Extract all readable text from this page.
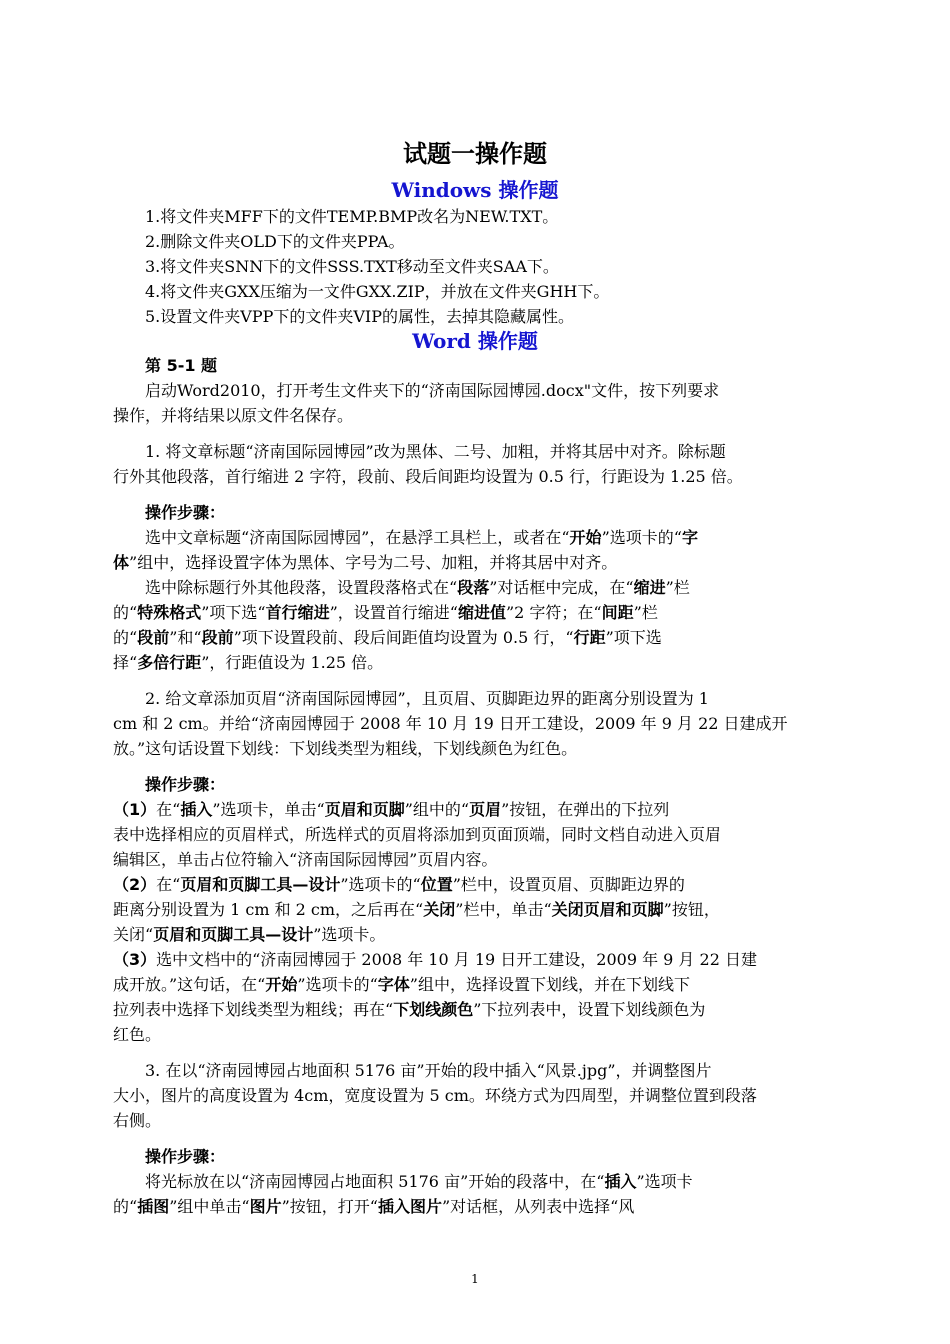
试题一操作题
Windows 操作题
1.将文件夹MFF下的文件TEMP.BMP改名为NEW.TXT。
2.删除文件夹OLD下的文件夹PPA。
3.将文件夹SNN下的文件SSS.TXT移动至文件夹SAA下。
4.将文件夹GXX压缩为一文件GXX.ZIP，并放在文件夹GHH下。
5.设置文件夹VPP下的文件夹VIP的属性，去掉其隐藏属性。
Word 操作题
第 5-1 题
启动Word2010，打开考生文件夹下的“济南国际园博园.docx"文件，按下列要求
操作，并将结果以原文件名保存。
1. 将文章标题“济南国际园博园”改为黑体、二号、加粗，并将其居中对齐。除标题
行外其他段落，首行缩进 2 字符，段前、段后间距均设置为 0.5 行，行距设为 1.25 倍。
操作步骤：
选中文章标题“济南国际园博园”，在悬浮工具栏上，或者在“开始”选项卡的“字
体”组中，选择设置字体为黑体、字号为二号、加粗，并将其居中对齐。
选中除标题行外其他段落，设置段落格式在“段落”对话框中完成，在“缩进”栏
的“特殊格式”项下选“首行缩进”，设置首行缩进“缩进值”2 字符；在“间距”栏
的“段前”和“段前”项下设置段前、段后间距值均设置为 0.5 行，“行距”项下选
择“多倍行距”，行距值设为 1.25 倍。
2. 给文章添加页眉“济南国际园博园”，且页眉、页脚距边界的距离分别设置为 1
cm 和 2 cm。并给“济南园博园于 2008 年 10 月 19 日开工建设，2009 年 9 月 22 日建成开
放。”这句话设置下划线：下划线类型为粗线，下划线颜色为红色。
操作步骤：
（1）在“插入”选项卡，单击“页眉和页脚”组中的“页眉”按钮，在弹出的下拉列
表中选择相应的页眉样式，所选样式的页眉将添加到页面顶端，同时文档自动进入页眉
编辑区，单击占位符输入“济南国际园博园”页眉内容。
（2）在“页眉和页脚工具—设计”选项卡的“位置”栏中，设置页眉、页脚距边界的
距离分别设置为 1 cm 和 2 cm，之后再在“关闭”栏中，单击“关闭页眉和页脚”按钮，
关闭“页眉和页脚工具—设计”选项卡。
（3）选中文档中的“济南园博园于 2008 年 10 月 19 日开工建设，2009 年 9 月 22 日建
成开放。”这句话，在“开始”选项卡的“字体”组中，选择设置下划线，并在下划线下
拉列表中选择下划线类型为粗线；再在“下划线颜色”下拉列表中，设置下划线颜色为
红色。
3. 在以“济南园博园占地面积 5176 亩”开始的段中插入“风景.jpg”，并调整图片
大小，图片的高度设置为 4cm，宽度设置为 5 cm。环绕方式为四周型，并调整位置到段落
右侧。
操作步骤：
将光标放在以“济南园博园占地面积 5176 亩”开始的段落中，在“插入”选项卡
的“插图”组中单击“图片”按钮，打开“插入图片”对话框，从列表中选择“风
1
